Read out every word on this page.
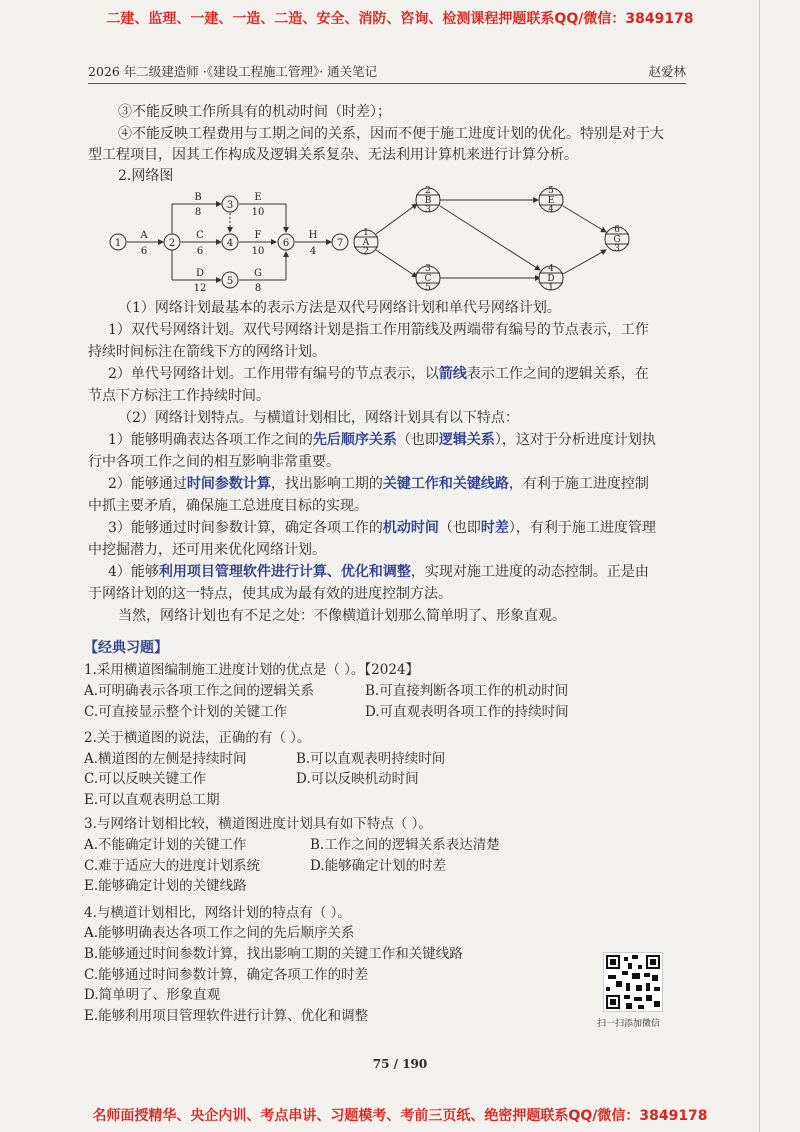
二建、监理、一建、一造、二造、安全、消防、咨询、检测课程押题联系QQ/微信：3849178
2026 年二级建造师 ·《建设工程施工管理》· 通关笔记	赵爱林
③不能反映工作所具有的机动时间（时差）；
④不能反映工程费用与工期之间的关系，因而不便于施工进度计划的优化。特别是对于大
型工程项目，因其工作构成及逻辑关系复杂、无法利用计算机来进行计算分析。
2.网络图
1	2
3
4
5
6	7
A
6
B
8
C
6
D
12
E
10
F
10
G
8
H
4
1
A
2
2
B
3
3
C
5
4
D
1
5
E
4
6
G
3
（1）网络计划最基本的表示方法是双代号网络计划和单代号网络计划。
1）双代号网络计划。双代号网络计划是指工作用箭线及两端带有编号的节点表示，工作
持续时间标注在箭线下方的网络计划。
2）单代号网络计划。工作用带有编号的节点表示，以箭线表示工作之间的逻辑关系，在
节点下方标注工作持续时间。
（2）网络计划特点。与横道计划相比，网络计划具有以下特点：
1）能够明确表达各项工作之间的先后顺序关系（也即逻辑关系），这对于分析进度计划执
行中各项工作之间的相互影响非常重要。
2）能够通过时间参数计算，找出影响工期的关键工作和关键线路，有利于施工进度控制
中抓主要矛盾，确保施工总进度目标的实现。
3）能够通过时间参数计算，确定各项工作的机动时间（也即时差），有利于施工进度管理
中挖掘潜力，还可用来优化网络计划。
4）能够利用项目管理软件进行计算、优化和调整，实现对施工进度的动态控制。正是由
于网络计划的这一特点，使其成为最有效的进度控制方法。
当然，网络计划也有不足之处：不像横道计划那么简单明了、形象直观。
【经典习题】
1.采用横道图编制施工进度计划的优点是（ ）。【2024】
A.可明确表示各项工作之间的逻辑关系	B.可直接判断各项工作的机动时间
C.可直接显示整个计划的关键工作	D.可直观表明各项工作的持续时间
2.关于横道图的说法，正确的有（ ）。
A.横道图的左侧是持续时间	B.可以直观表明持续时间
C.可以反映关键工作	D.可以反映机动时间
E.可以直观表明总工期
3.与网络计划相比较，横道图进度计划具有如下特点（ ）。
A.不能确定计划的关键工作	B.工作之间的逻辑关系表达清楚
C.难于适应大的进度计划系统	D.能够确定计划的时差
E.能够确定计划的关键线路
4.与横道计划相比，网络计划的特点有（ ）。
A.能够明确表达各项工作之间的先后顺序关系
B.能够通过时间参数计算，找出影响工期的关键工作和关键线路
C.能够通过时间参数计算，确定各项工作的时差
D.简单明了、形象直观
E.能够利用项目管理软件进行计算、优化和调整	扫一扫添加微信
75 / 190
名师面授精华、央企内训、考点串讲、习题模考、考前三页纸、绝密押题联系QQ/微信：3849178
